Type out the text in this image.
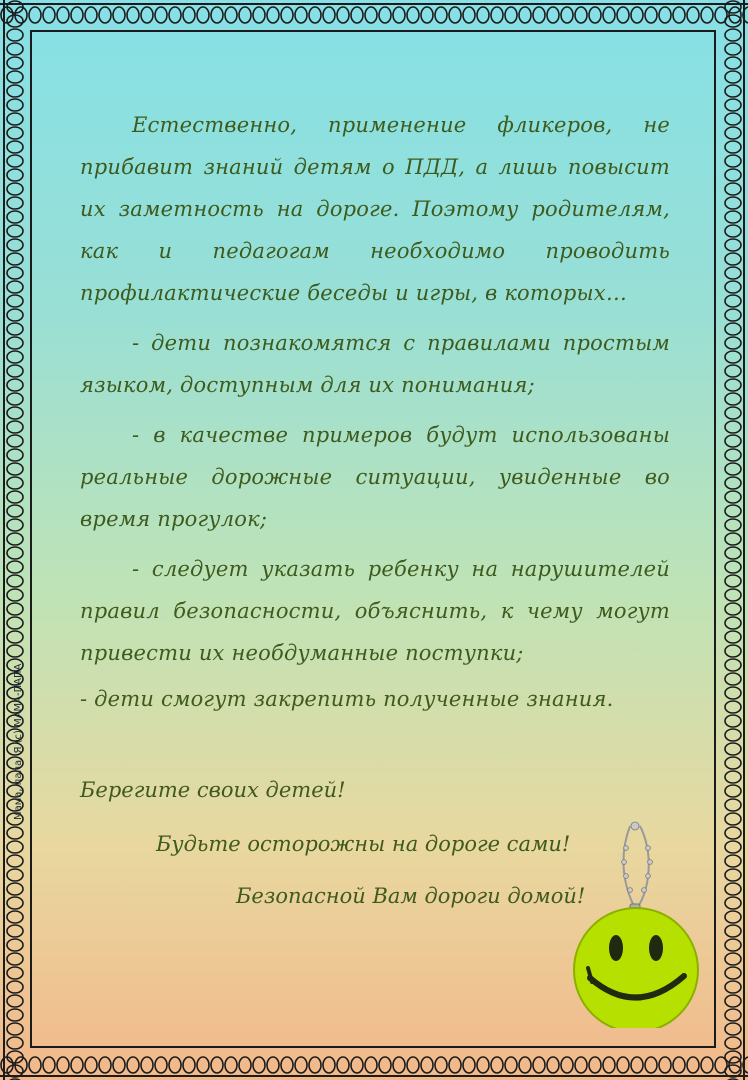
Мама, папа, Я (c) МАМА-ПАПА

Естественно, применение фликеров, не прибавит знаний детям о ПДД, а лишь повысит их заметность на дороге. Поэтому родителям, как и педагогам необходимо проводить профилактические беседы и игры, в которых…

- дети познакомятся с правилами простым языком, доступным для их понимания;

- в качестве примеров будут использованы реальные дорожные ситуации, увиденные во время прогулок;

- следует указать ребенку на нарушителей правил безопасности, объяснить, к чему могут привести их необдуманные поступки;

- дети смогут закрепить полученные знания.

Берегите своих детей!
Будьте осторожны на дороге сами!
Безопасной Вам дороги домой!
